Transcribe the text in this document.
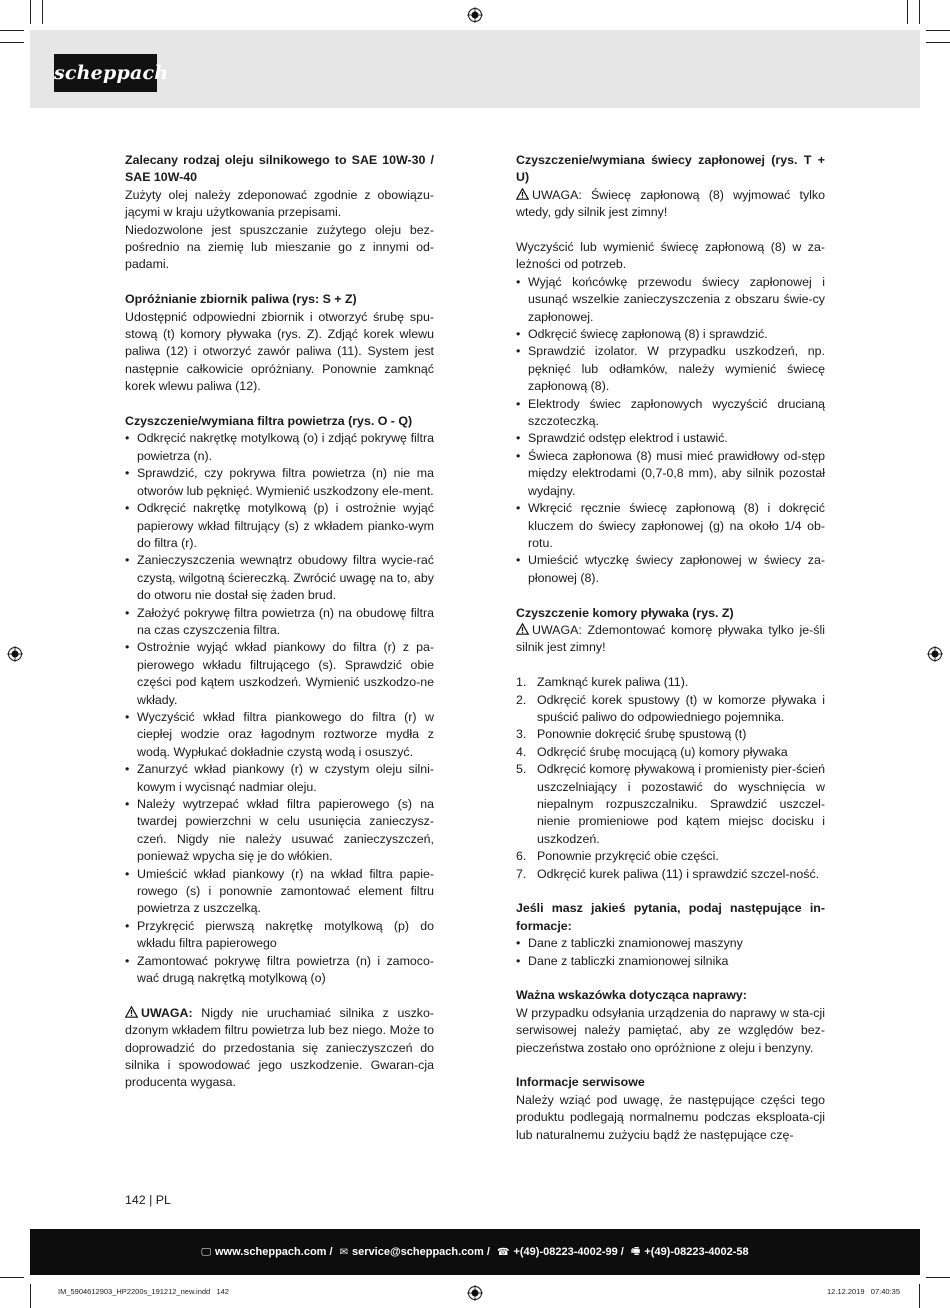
scheppach

Zalecany rodzaj oleju silnikowego to SAE 10W-30 / SAE 10W-40

Zużyty olej należy zdeponować zgodnie z obowiązu-jącymi w kraju użytkowania przepisami.

Niedozwolone jest spuszczanie zużytego oleju bez-pośrednio na ziemię lub mieszanie go z innymi od-padami.

Opróżnianie zbiornik paliwa (rys: S + Z)

Udostępnić odpowiedni zbiornik i otworzyć śrubę spu-stową (t) komory pływaka (rys. Z). Zdjąć korek wlewu paliwa (12) i otworzyć zawór paliwa (11). System jest następnie całkowicie opróżniany. Ponownie zamknąć korek wlewu paliwa (12).

Czyszczenie/wymiana filtra powietrza (rys. O - Q)

• Odkręcić nakrętkę motylkową (o) i zdjąć pokrywę filtra powietrza (n).
• Sprawdzić, czy pokrywa filtra powietrza (n) nie ma otworów lub pęknięć. Wymienić uszkodzony ele-ment.
• Odkręcić nakrętkę motylkową (p) i ostrożnie wyjąć papierowy wkład filtrujący (s) z wkładem pianko-wym do filtra (r).
• Zanieczyszczenia wewnątrz obudowy filtra wycie-rać czystą, wilgotną ściereczką. Zwrócić uwagę na to, aby do otworu nie dostał się żaden brud.
• Założyć pokrywę filtra powietrza (n) na obudowę filtra na czas czyszczenia filtra.
• Ostrożnie wyjąć wkład piankowy do filtra (r) z pa-pierowego wkładu filtrującego (s). Sprawdzić obie części pod kątem uszkodzeń. Wymienić uszkodzo-ne wkłady.
• Wyczyścić wkład filtra piankowego do filtra (r) w ciepłej wodzie oraz łagodnym roztworze mydła z wodą. Wypłukać dokładnie czystą wodą i osuszyć.
• Zanurzyć wkład piankowy (r) w czystym oleju silni-kowym i wycisnąć nadmiar oleju.
• Należy wytrzepać wkład filtra papierowego (s) na twardej powierzchni w celu usunięcia zanieczysz-czeń. Nigdy nie należy usuwać zanieczyszczeń, ponieważ wpycha się je do włókien.
• Umieścić wkład piankowy (r) na wkład filtra papie-rowego (s) i ponownie zamontować element filtru powietrza z uszczelką.
• Przykręcić pierwszą nakrętkę motylkową (p) do wkładu filtra papierowego
• Zamontować pokrywę filtra powietrza (n) i zamoco-wać drugą nakrętką motylkową (o)

UWAGA: Nigdy nie uruchamiać silnika z uszko-dzonym wkładem filtru powietrza lub bez niego. Może to doprowadzić do przedostania się zanieczyszczeń do silnika i spowodować jego uszkodzenie. Gwaran-cja producenta wygasa.

Czyszczenie/wymiana świecy zapłonowej (rys. T + U)

UWAGA: Świecę zapłonową (8) wyjmować tylko wtedy, gdy silnik jest zimny!

Wyczyścić lub wymienić świecę zapłonową (8) w za-leżności od potrzeb.

• Wyjąć końcówkę przewodu świecy zapłonowej i usunąć wszelkie zanieczyszczenia z obszaru świe-cy zapłonowej.
• Odkręcić świecę zapłonową (8) i sprawdzić.
• Sprawdzić izolator. W przypadku uszkodzeń, np. pęknięć lub odłamków, należy wymienić świecę zapłonową (8).
• Elektrody świec zapłonowych wyczyścić drucianą szczoteczką.
• Sprawdzić odstęp elektrod i ustawić.
• Świeca zapłonowa (8) musi mieć prawidłowy od-stęp między elektrodami (0,7-0,8 mm), aby silnik pozostał wydajny.
• Wkręcić ręcznie świecę zapłonową (8) i dokręcić kluczem do świecy zapłonowej (g) na około 1/4 ob-rotu.
• Umieścić wtyczkę świecy zapłonowej w świecy za-płonowej (8).

Czyszczenie komory pływaka (rys. Z)

UWAGA: Zdemontować komorę pływaka tylko je-śli silnik jest zimny!

1. Zamknąć kurek paliwa (11).
2. Odkręcić korek spustowy (t) w komorze pływaka i spuścić paliwo do odpowiedniego pojemnika.
3. Ponownie dokręcić śrubę spustową (t)
4. Odkręcić śrubę mocującą (u) komory pływaka
5. Odkręcić komorę pływakową i promienisty pier-ścień uszczelniający i pozostawić do wyschnięcia w niepalnym rozpuszczalniku. Sprawdzić uszczel-nienie promieniowe pod kątem miejsc docisku i uszkodzeń.
6. Ponownie przykręcić obie części.
7. Odkręcić kurek paliwa (11) i sprawdzić szczel-ność.

Jeśli masz jakieś pytania, podaj następujące in-formacje:

• Dane z tabliczki znamionowej maszyny
• Dane z tabliczki znamionowej silnika

Ważna wskazówka dotycząca naprawy:

W przypadku odsyłania urządzenia do naprawy w sta-cji serwisowej należy pamiętać, aby ze względów bez-pieczeństwa zostało ono opróżnione z oleju i benzyny.

Informacje serwisowe

Należy wziąć pod uwagę, że następujące części tego produktu podlegają normalnemu podczas eksploata-cji lub naturalnemu zużyciu bądź że następujące czę-

142 | PL
🖵 www.scheppach.com /
✉ service@scheppach.com /
☎ +(49)-08223-4002-99 /
🖷 +(49)-08223-4002-58
IM_5904612903_HP2200s_191212_new.indd   142	12.12.2019   07:40:35
